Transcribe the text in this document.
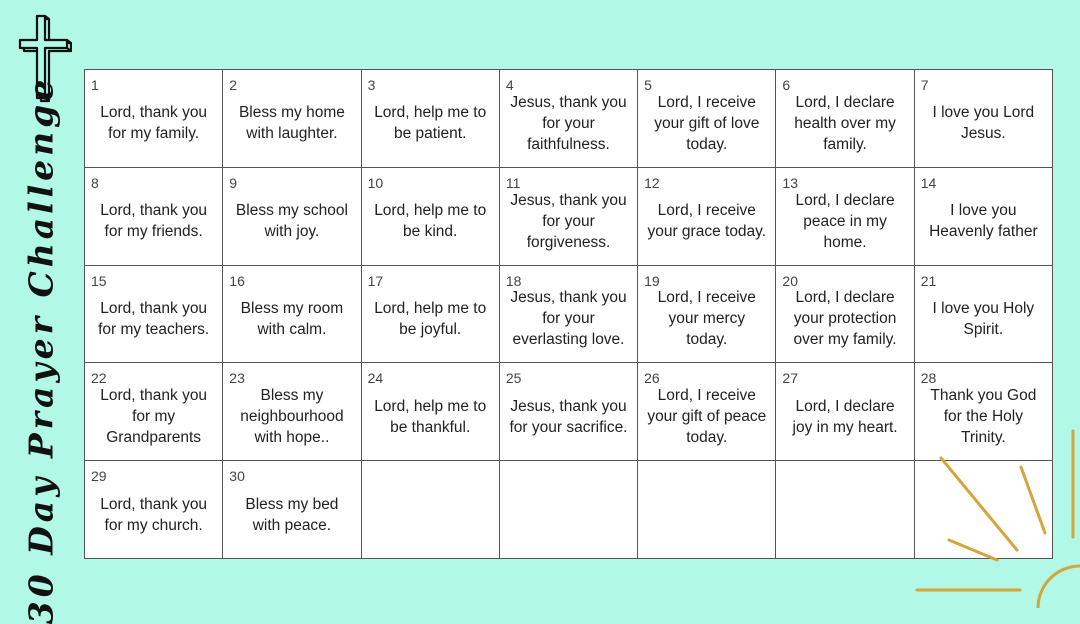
30 Day Prayer Challenge 1
Lord, thank you for my family.
2
Bless my home with laughter.
3
Lord, help me to be patient.
4
Jesus, thank you for your faithfulness.
5
Lord, I receive your gift of love today.
6
Lord, I declare health over my family.
7
I love you Lord Jesus.
8
Lord, thank you for my friends.
9
Bless my school with joy.
10
Lord, help me to be kind.
11
Jesus, thank you for your forgiveness.
12
Lord, I receive your grace today.
13
Lord, I declare peace in my home.
14
I love you Heavenly father
15
Lord, thank you for my teachers.
16
Bless my room with calm.
17
Lord, help me to be joyful.
18
Jesus, thank you for your everlasting love.
19
Lord, I receive your mercy today.
20
Lord, I declare your protection over my family.
21
I love you Holy Spirit.
22
Lord, thank you for my Grandparents
23
Bless my neighbourhood with hope..
24
Lord, help me to be thankful.
25
Jesus, thank you for your sacrifice.
26
Lord, I receive your gift of peace today.
27
Lord, I declare joy in my heart.
28
Thank you God for the Holy Trinity.
29
Lord, thank you for my church.
30
Bless my bed with peace.
